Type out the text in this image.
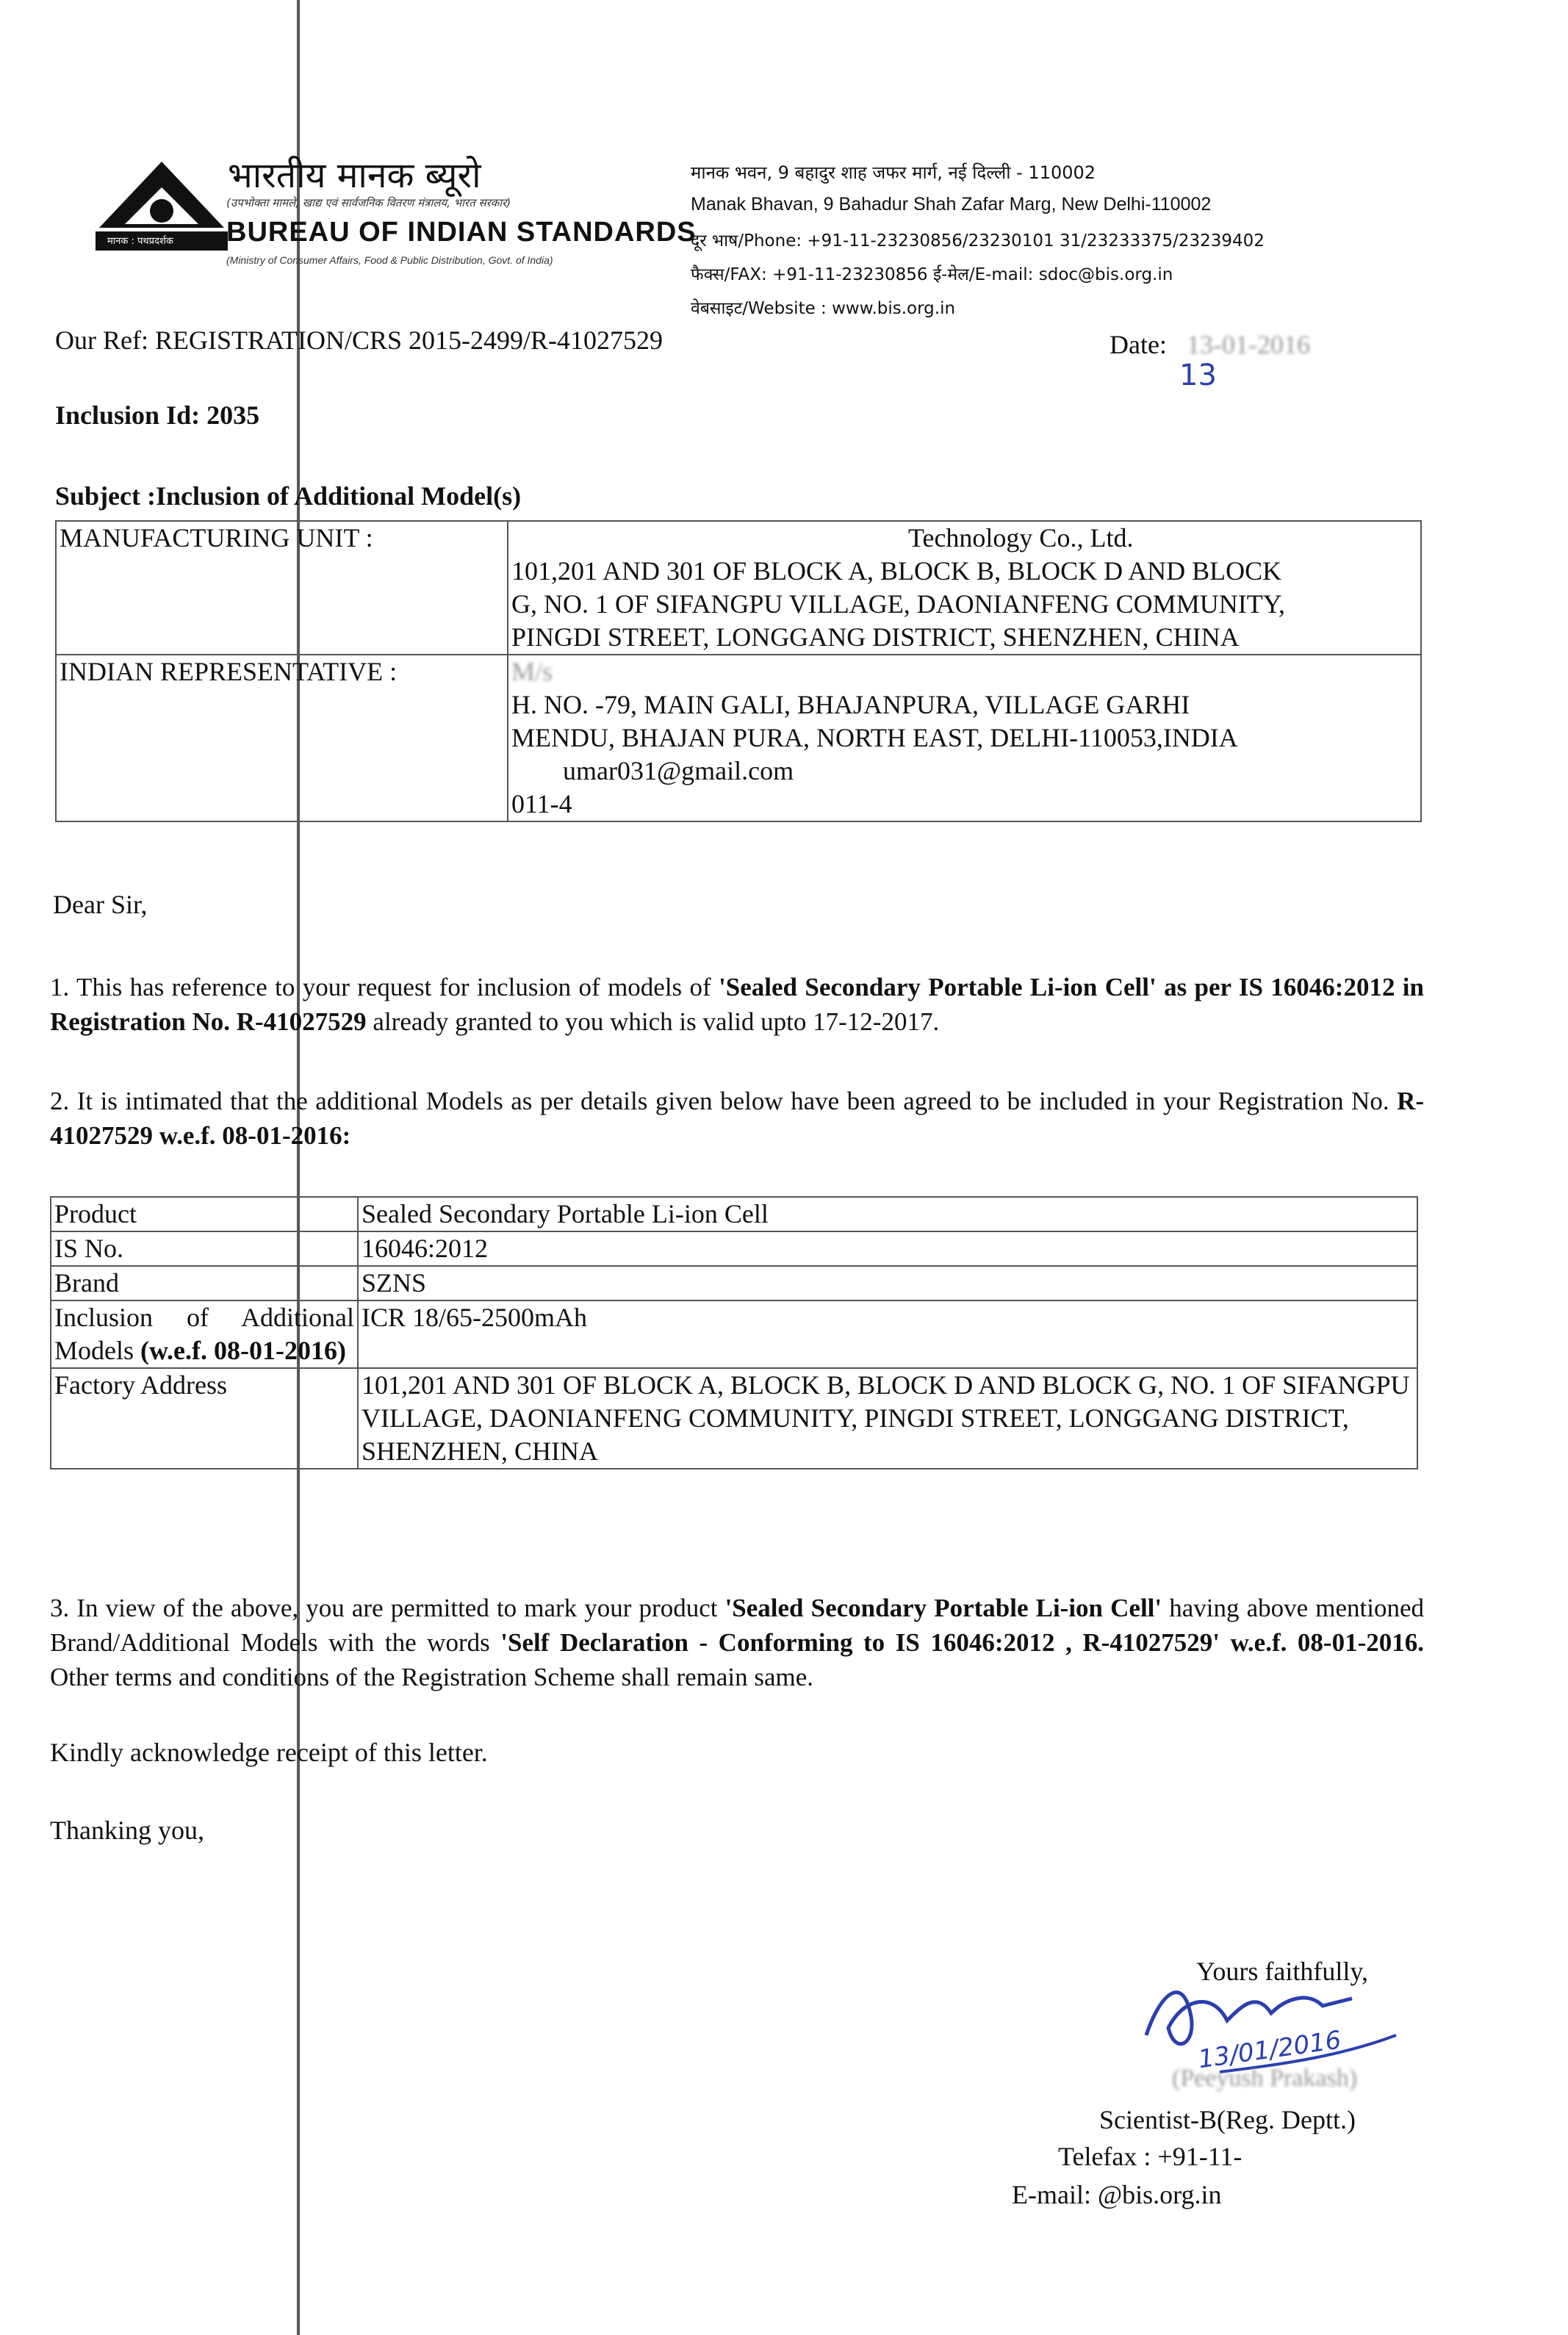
मानक : पथप्रदर्शक
भारतीय मानक ब्यूरो
(उपभोक्ता मामले, खाद्य एवं सार्वजनिक वितरण मंत्रालय, भारत सरकार)
BUREAU OF INDIAN STANDARDS
(Ministry of Consumer Affairs, Food & Public Distribution, Govt. of India)
मानक भवन, 9 बहादुर शाह जफर मार्ग, नई दिल्ली - 110002
Manak Bhavan, 9 Bahadur Shah Zafar Marg, New Delhi-110002
दूर भाष/Phone: +91-11-23230856/23230101 31/23233375/23239402
फैक्स/FAX: +91-11-23230856 ई-मेल/E-mail: sdoc@bis.org.in
वेबसाइट/Website : www.bis.org.in
Our Ref: REGISTRATION/CRS 2015-2499/R-41027529	Date: 13-01-2016
13
Inclusion Id: 2035
Subject :Inclusion of Additional Model(s)
MANUFACTURING UNIT :	Technology Co., Ltd.
101,201 AND 301 OF BLOCK A, BLOCK B, BLOCK D AND BLOCK
G, NO. 1 OF SIFANGPU VILLAGE, DAONIANFENG COMMUNITY,
PINGDI STREET, LONGGANG DISTRICT, SHENZHEN, CHINA

INDIAN REPRESENTATIVE :	M/s
H. NO. -79, MAIN GALI, BHAJANPURA, VILLAGE GARHI
MENDU, BHAJAN PURA, NORTH EAST, DELHI-110053,INDIA
umar031@gmail.com
011-4
Dear Sir,
1. This has reference to your request for inclusion of models of 'Sealed Secondary Portable Li-ion Cell' as per IS 16046:2012 in Registration No. R-41027529 already granted to you which is valid upto 17-12-2017.
2. It is intimated that the additional Models as per details given below have been agreed to be included in your Registration No. R-41027529 w.e.f. 08-01-2016:
Product	Sealed Secondary Portable Li-ion Cell
IS No.	16046:2012
Brand	SZNS
Inclusion of Additional Models (w.e.f. 08-01-2016)	ICR 18/65-2500mAh
Factory Address	101,201 AND 301 OF BLOCK A, BLOCK B, BLOCK D AND BLOCK G, NO. 1 OF SIFANGPU VILLAGE, DAONIANFENG COMMUNITY, PINGDI STREET, LONGGANG DISTRICT, SHENZHEN, CHINA
3. In view of the above, you are permitted to mark your product 'Sealed Secondary Portable Li-ion Cell' having above mentioned Brand/Additional Models with the words 'Self Declaration - Conforming to IS 16046:2012 , R-41027529' w.e.f. 08-01-2016. Other terms and conditions of the Registration Scheme shall remain same.
Kindly acknowledge receipt of this letter.
Thanking you,
Yours faithfully,
13/01/2016
(Peeyush Prakash)
Scientist-B(Reg. Deptt.)
Telefax : +91-11-
E-mail: @bis.org.in
